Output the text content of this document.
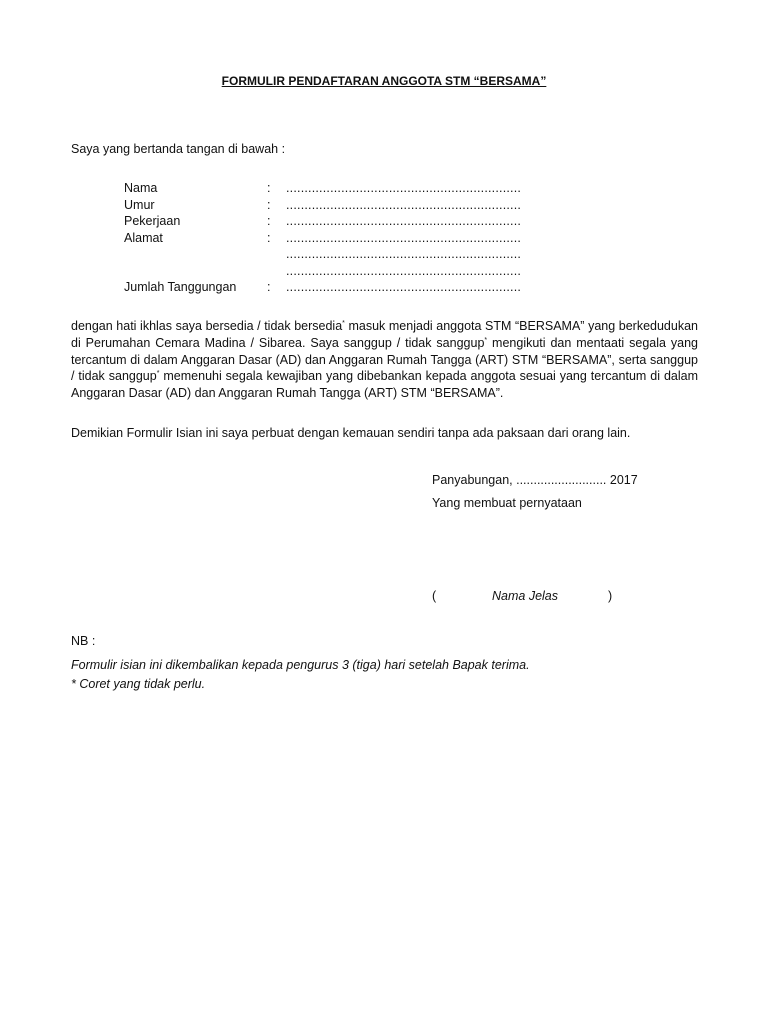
FORMULIR PENDAFTARAN ANGGOTA STM “BERSAMA”
Saya yang bertanda tangan di bawah :
Nama	:	................................................................
Umur	:	................................................................
Pekerjaan	:	................................................................
Alamat	:	................................................................
................................................................
................................................................
Jumlah Tanggungan	:	................................................................
dengan hati ikhlas saya bersedia / tidak bersedia* masuk menjadi anggota STM “BERSAMA” yang berkedudukan di Perumahan Cemara Madina / Sibarea. Saya sanggup / tidak sanggup* mengikuti dan mentaati segala yang tercantum di dalam Anggaran Dasar (AD) dan Anggaran Rumah Tangga (ART) STM “BERSAMA”, serta sanggup / tidak sanggup* memenuhi segala kewajiban yang dibebankan kepada anggota sesuai yang tercantum di dalam Anggaran Dasar (AD) dan Anggaran Rumah Tangga (ART) STM “BERSAMA”.
Demikian Formulir Isian ini saya perbuat dengan kemauan sendiri tanpa ada paksaan dari orang lain.
Panyabungan, .......................... 2017
Yang membuat pernyataan
(	Nama Jelas	)
NB :
Formulir isian ini dikembalikan kepada pengurus 3 (tiga) hari setelah Bapak terima.
* Coret yang tidak perlu.
